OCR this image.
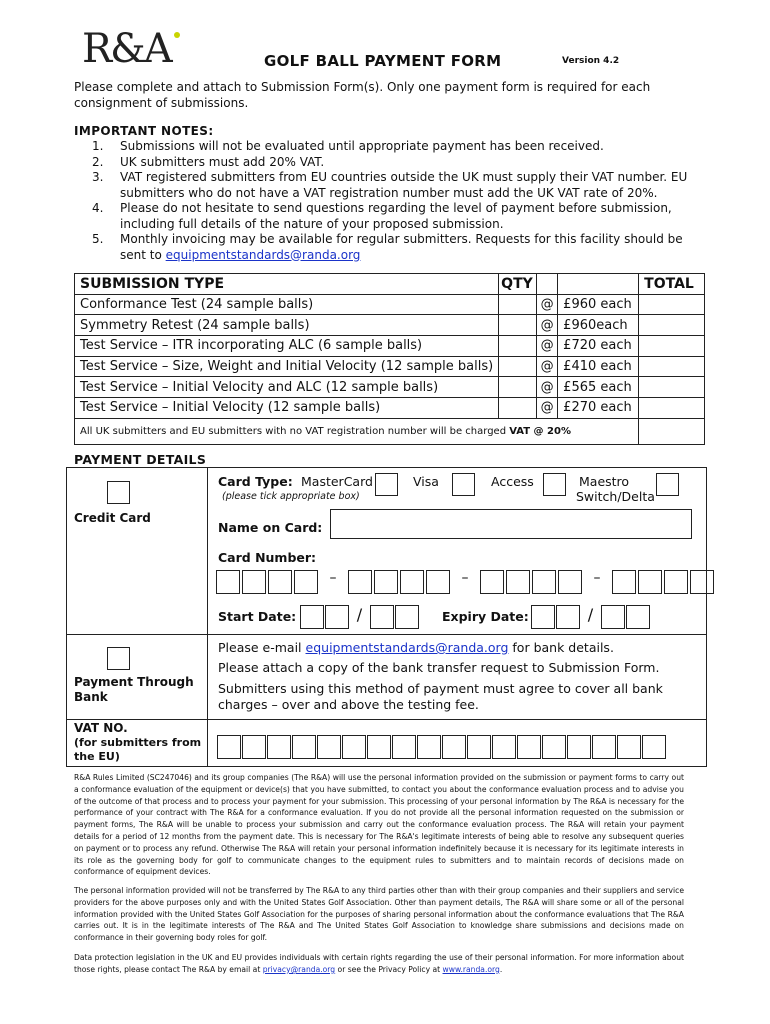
R&A	GOLF BALL PAYMENT FORM	Version 4.2
Please complete and attach to Submission Form(s). Only one payment form is required for each consignment of submissions.
IMPORTANT NOTES:
1.	Submissions will not be evaluated until appropriate payment has been received.
2.	UK submitters must add 20% VAT.
3.	VAT registered submitters from EU countries outside the UK must supply their VAT number. EU submitters who do not have a VAT registration number must add the UK VAT rate of 20%.
4.	Please do not hesitate to send questions regarding the level of payment before submission, including full details of the nature of your proposed submission.
5.	Monthly invoicing may be available for regular submitters. Requests for this facility should be sent to equipmentstandards@randa.org
SUBMISSION TYPE	QTY			TOTAL
Conformance Test (24 sample balls)		@	£960 each	
Symmetry Retest (24 sample balls)		@	£960each	
Test Service – ITR incorporating ALC (6 sample balls)		@	£720 each	
Test Service – Size, Weight and Initial Velocity (12 sample balls)		@	£410 each	
Test Service – Initial Velocity and ALC (12 sample balls)		@	£565 each	
Test Service – Initial Velocity (12 sample balls)		@	£270 each	
All UK submitters and EU submitters with no VAT registration number will be charged VAT @ 20%				
PAYMENT DETAILS
Credit Card
Card Type: MasterCard	Visa	Access	Maestro
Switch/Delta
(please tick appropriate box)
Name on Card:
Card Number:
–	–	–
Start Date:	/	Expiry Date:	/
Payment Through
Bank
Please e-mail equipmentstandards@randa.org for bank details.
Please attach a copy of the bank transfer request to Submission Form.
Submitters using this method of payment must agree to cover all bank charges – over and above the testing fee.
VAT NO.
(for submitters from
the EU)
R&A Rules Limited (SC247046) and its group companies (The R&A) will use the personal information provided on the submission or payment forms to carry out a conformance evaluation of the equipment or device(s) that you have submitted, to contact you about the conformance evaluation process and to advise you of the outcome of that process and to process your payment for your submission. This processing of your personal information by The R&A is necessary for the performance of your contract with The R&A for a conformance evaluation. If you do not provide all the personal information requested on the submission or payment forms, The R&A will be unable to process your submission and carry out the conformance evaluation process. The R&A will retain your payment details for a period of 12 months from the payment date. This is necessary for The R&A's legitimate interests of being able to resolve any subsequent queries on payment or to process any refund. Otherwise The R&A will retain your personal information indefinitely because it is necessary for its legitimate interests in its role as the governing body for golf to communicate changes to the equipment rules to submitters and to maintain records of decisions made on conformance of equipment devices.
The personal information provided will not be transferred by The R&A to any third parties other than with their group companies and their suppliers and service providers for the above purposes only and with the United States Golf Association. Other than payment details, The R&A will share some or all of the personal information provided with the United States Golf Association for the purposes of sharing personal information about the conformance evaluations that The R&A carries out. It is in the legitimate interests of The R&A and The United States Golf Association to knowledge share submissions and decisions made on conformance in their governing body roles for golf.
Data protection legislation in the UK and EU provides individuals with certain rights regarding the use of their personal information. For more information about those rights, please contact The R&A by email at privacy@randa.org or see the Privacy Policy at www.randa.org.
